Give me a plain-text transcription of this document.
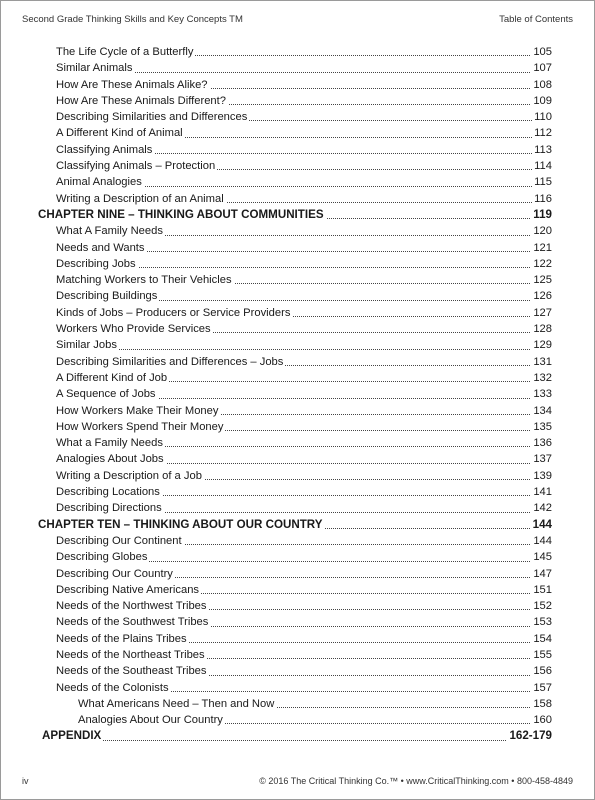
Second Grade Thinking Skills and Key Concepts TM	Table of Contents
The Life Cycle of a Butterfly	105
Similar Animals	107
How Are These Animals Alike?	108
How Are These Animals Different?	109
Describing Similarities and Differences	110
A Different Kind of Animal	112
Classifying Animals	113
Classifying Animals – Protection	114
Animal Analogies	115
Writing a Description of an Animal	116
CHAPTER NINE – THINKING ABOUT COMMUNITIES	119
What A Family Needs	120
Needs and Wants	121
Describing Jobs	122
Matching Workers to Their Vehicles	125
Describing Buildings	126
Kinds of Jobs – Producers or Service Providers	127
Workers Who Provide Services	128
Similar Jobs	129
Describing Similarities and Differences – Jobs	131
A Different Kind of Job	132
A Sequence of Jobs	133
How Workers Make Their Money	134
How Workers Spend Their Money	135
What a Family Needs	136
Analogies About Jobs	137
Writing a Description of a Job	139
Describing Locations	141
Describing Directions	142
CHAPTER TEN – THINKING ABOUT OUR COUNTRY	144
Describing Our Continent	144
Describing Globes	145
Describing Our Country	147
Describing Native Americans	151
Needs of the Northwest Tribes	152
Needs of the Southwest Tribes	153
Needs of the Plains Tribes	154
Needs of the Northeast Tribes	155
Needs of the Southeast Tribes	156
Needs of the Colonists	157
What Americans Need – Then and Now	158
Analogies About Our Country	160
APPENDIX	162-179
iv	© 2016 The Critical Thinking Co.™ • www.CriticalThinking.com • 800-458-4849
